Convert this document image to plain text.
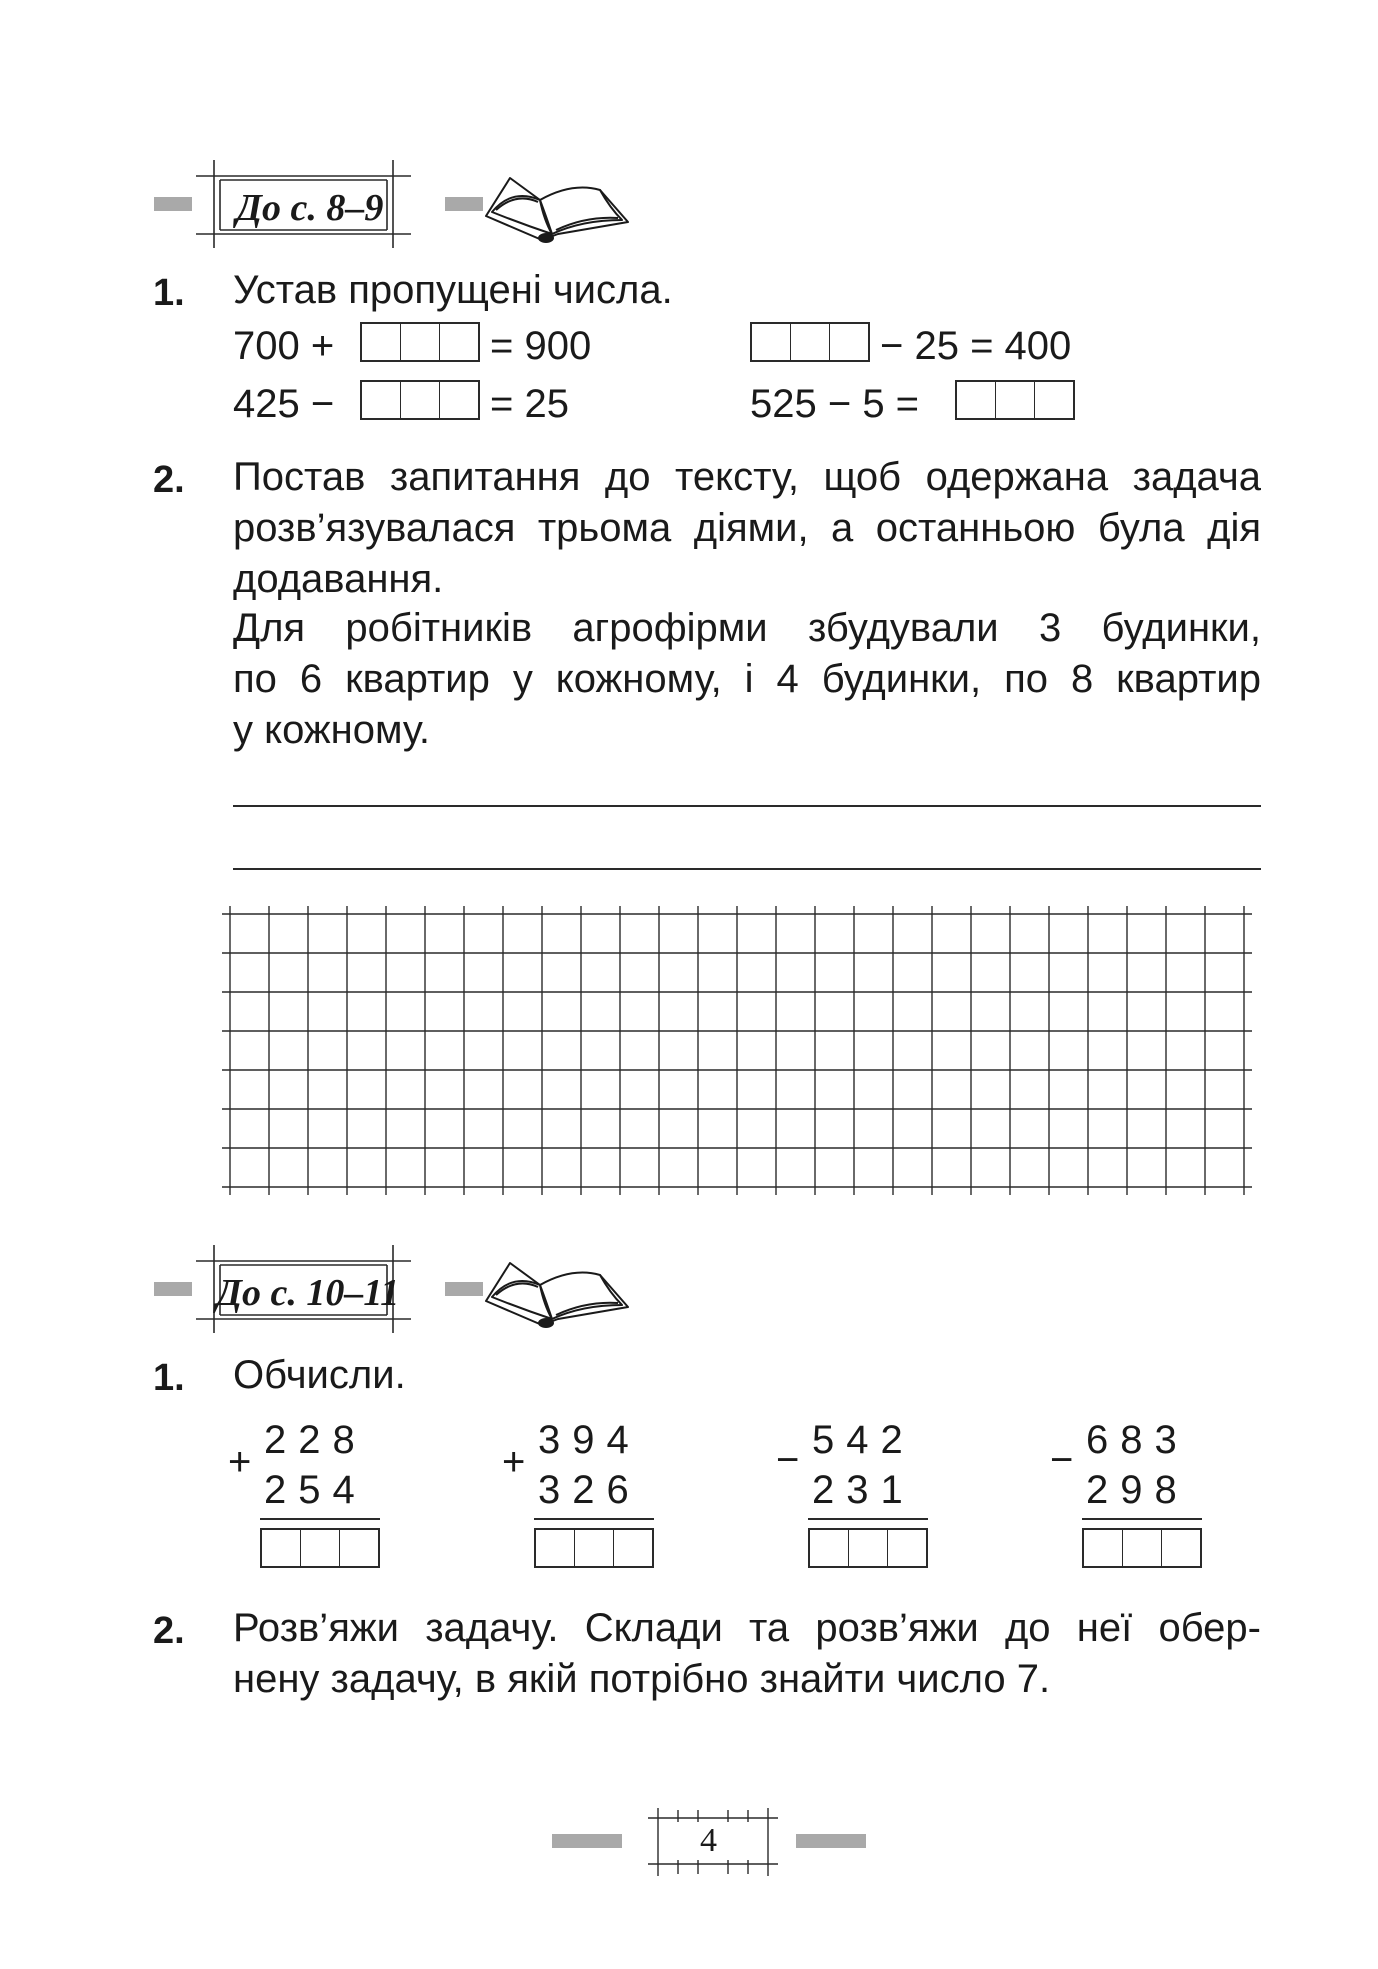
До с. 8–9
1. Устав пропущені числа.
700 +	= 900	− 25 = 400
425 −	= 25	525 − 5 =
2. Постав запитання до тексту, щоб одержана задача
розв’язувалася трьома діями, а останньою була дія
додавання.
Для робітників агрофірми збудували 3 будинки,
по 6 квартир у кожному, і 4 будинки, по 8 квартир
у кожному.
До с. 10–11
1. Обчисли.
+ 228
254
+ 394
326
− 542
231
− 683
298
2. Розв’яжи задачу. Склади та розв’яжи до неї обер-
нену задачу, в якій потрібно знайти число 7.
4
